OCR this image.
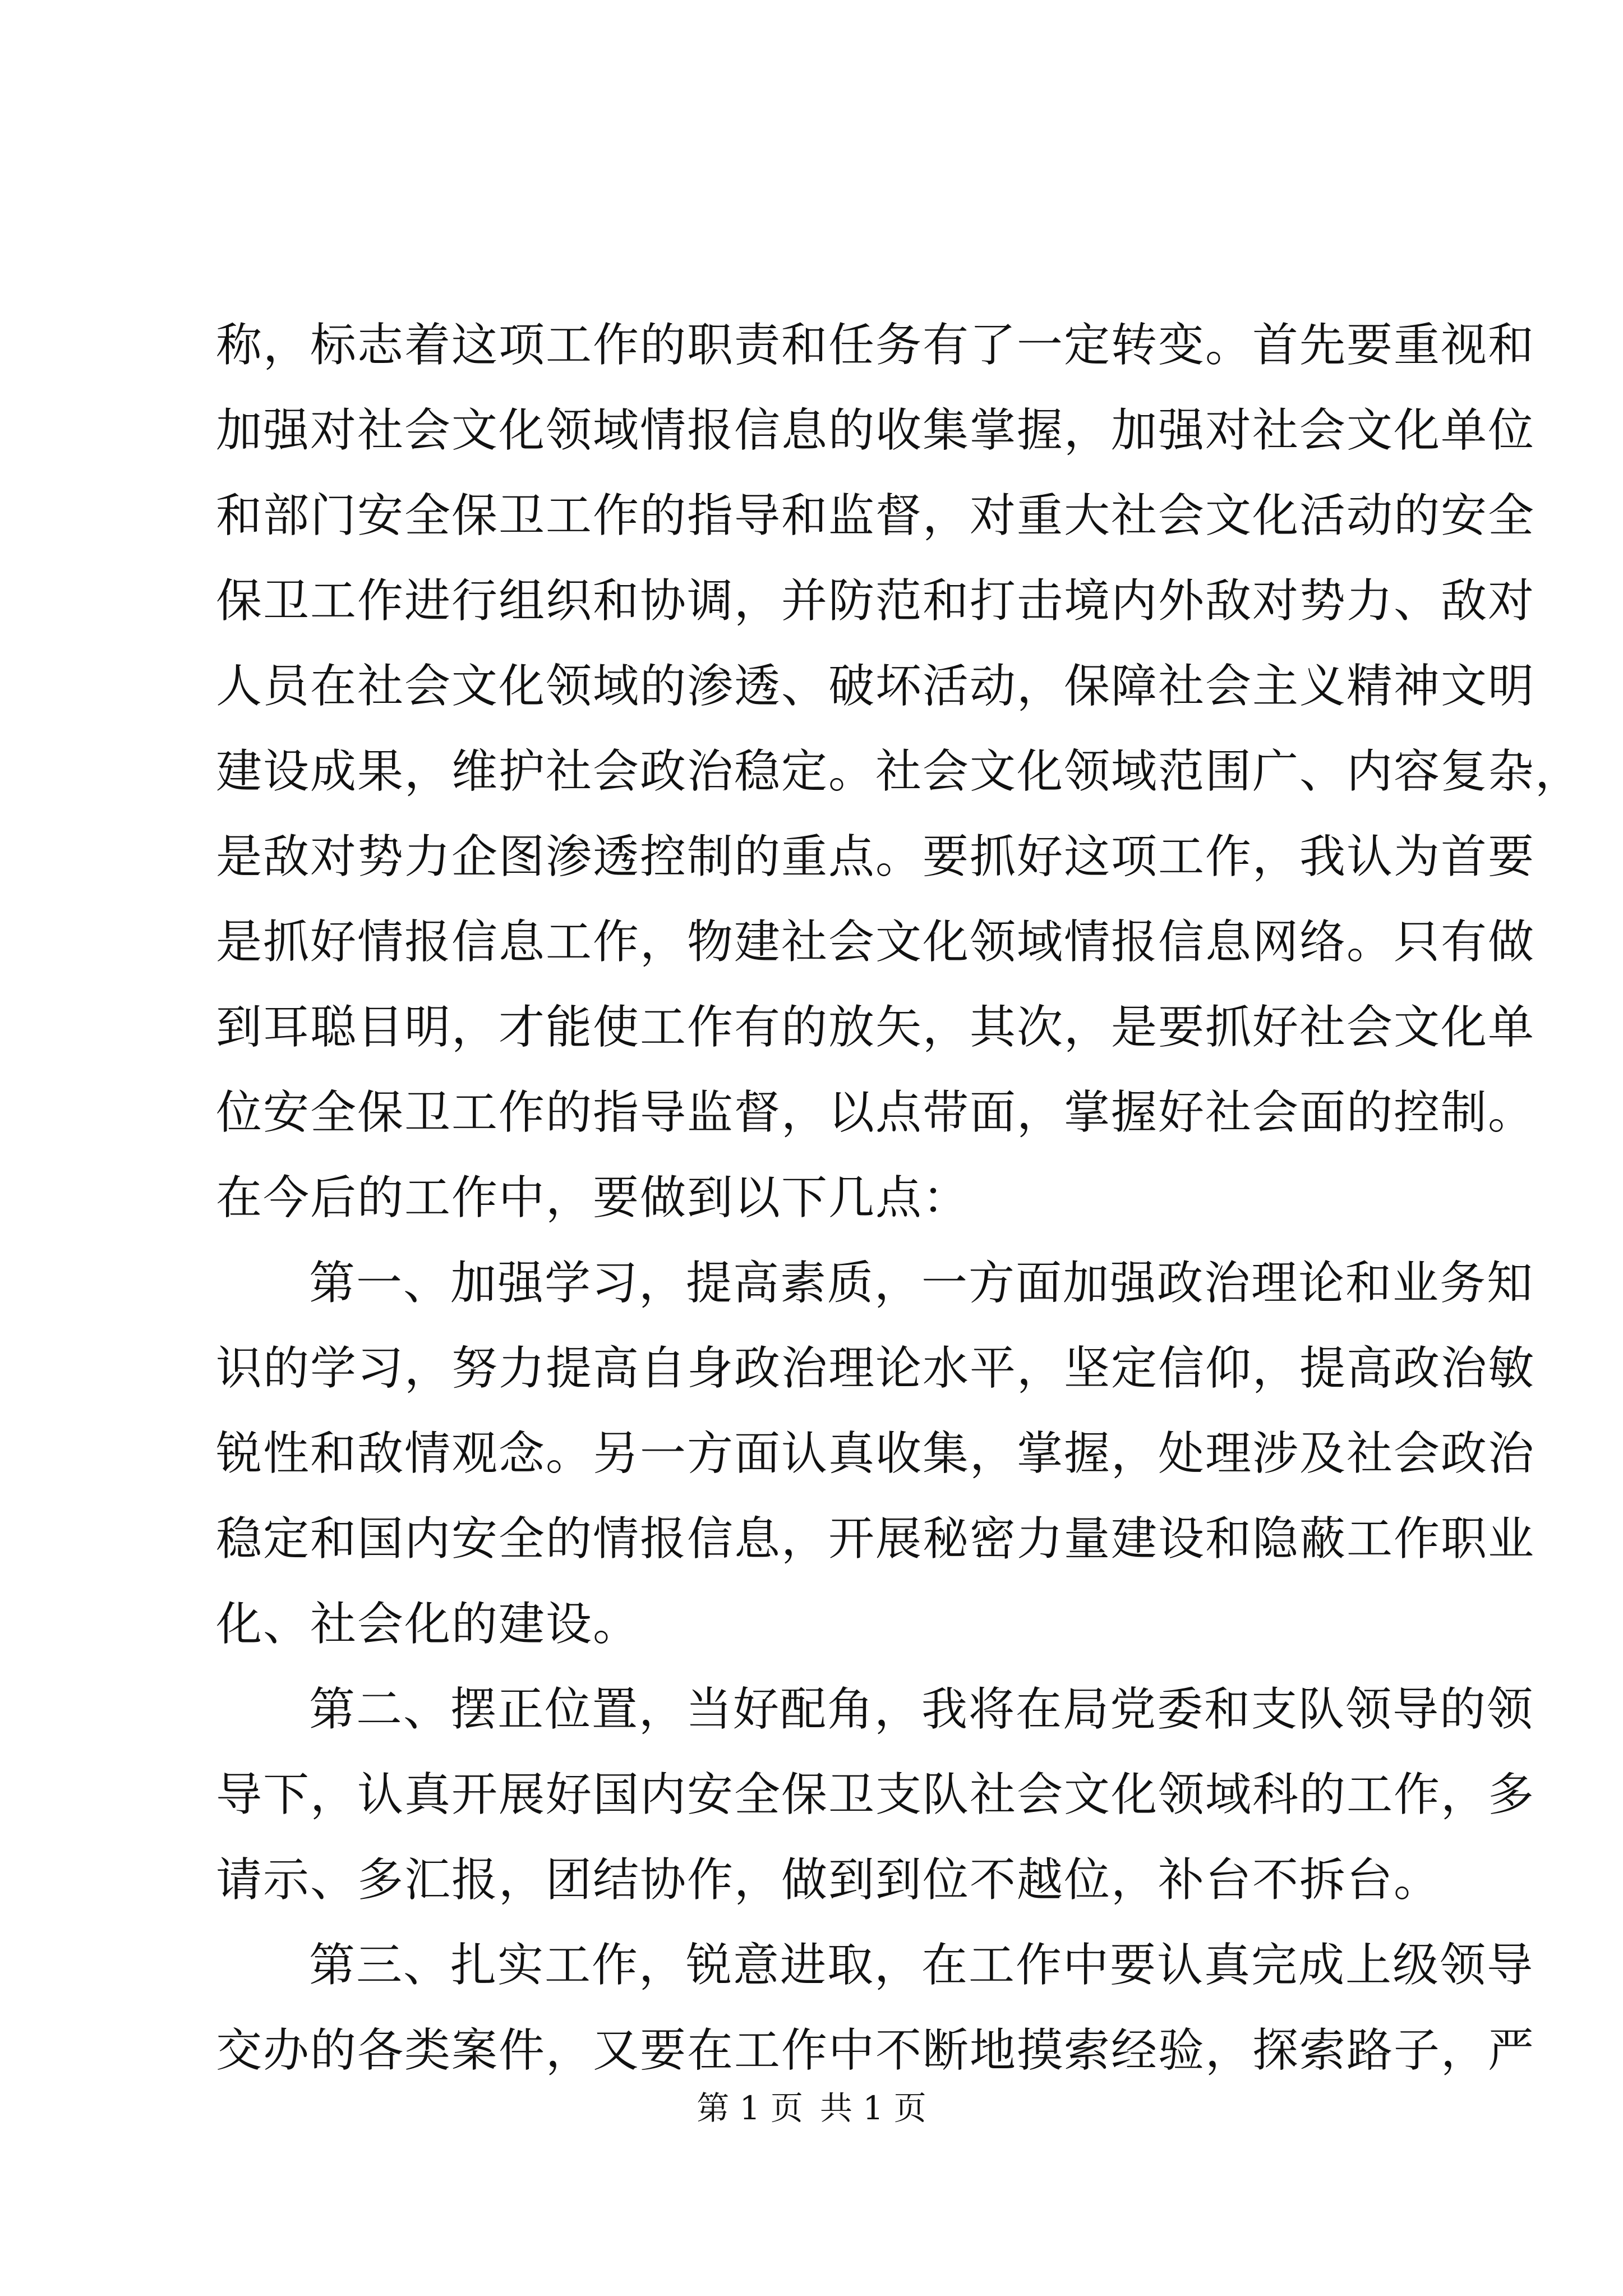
称，标志着这项工作的职责和任务有了一定转变。首先要重视和
加强对社会文化领域情报信息的收集掌握，加强对社会文化单位
和部门安全保卫工作的指导和监督，对重大社会文化活动的安全
保卫工作进行组织和协调，并防范和打击境内外敌对势力、敌对
人员在社会文化领域的渗透、破坏活动，保障社会主义精神文明
建设成果，维护社会政治稳定。社会文化领域范围广、内容复杂，
是敌对势力企图渗透控制的重点。要抓好这项工作，我认为首要
是抓好情报信息工作，物建社会文化领域情报信息网络。只有做
到耳聪目明，才能使工作有的放矢，其次，是要抓好社会文化单
位安全保卫工作的指导监督，以点带面，掌握好社会面的控制。
在今后的工作中，要做到以下几点：
第一、加强学习，提高素质，一方面加强政治理论和业务知
识的学习，努力提高自身政治理论水平，坚定信仰，提高政治敏
锐性和敌情观念。另一方面认真收集，掌握，处理涉及社会政治
稳定和国内安全的情报信息，开展秘密力量建设和隐蔽工作职业
化、社会化的建设。
第二、摆正位置，当好配角，我将在局党委和支队领导的领
导下，认真开展好国内安全保卫支队社会文化领域科的工作，多
请示、多汇报，团结协作，做到到位不越位，补台不拆台。
第三、扎实工作，锐意进取，在工作中要认真完成上级领导
交办的各类案件，又要在工作中不断地摸索经验，探索路子，严
第 1 页 共 1 页
